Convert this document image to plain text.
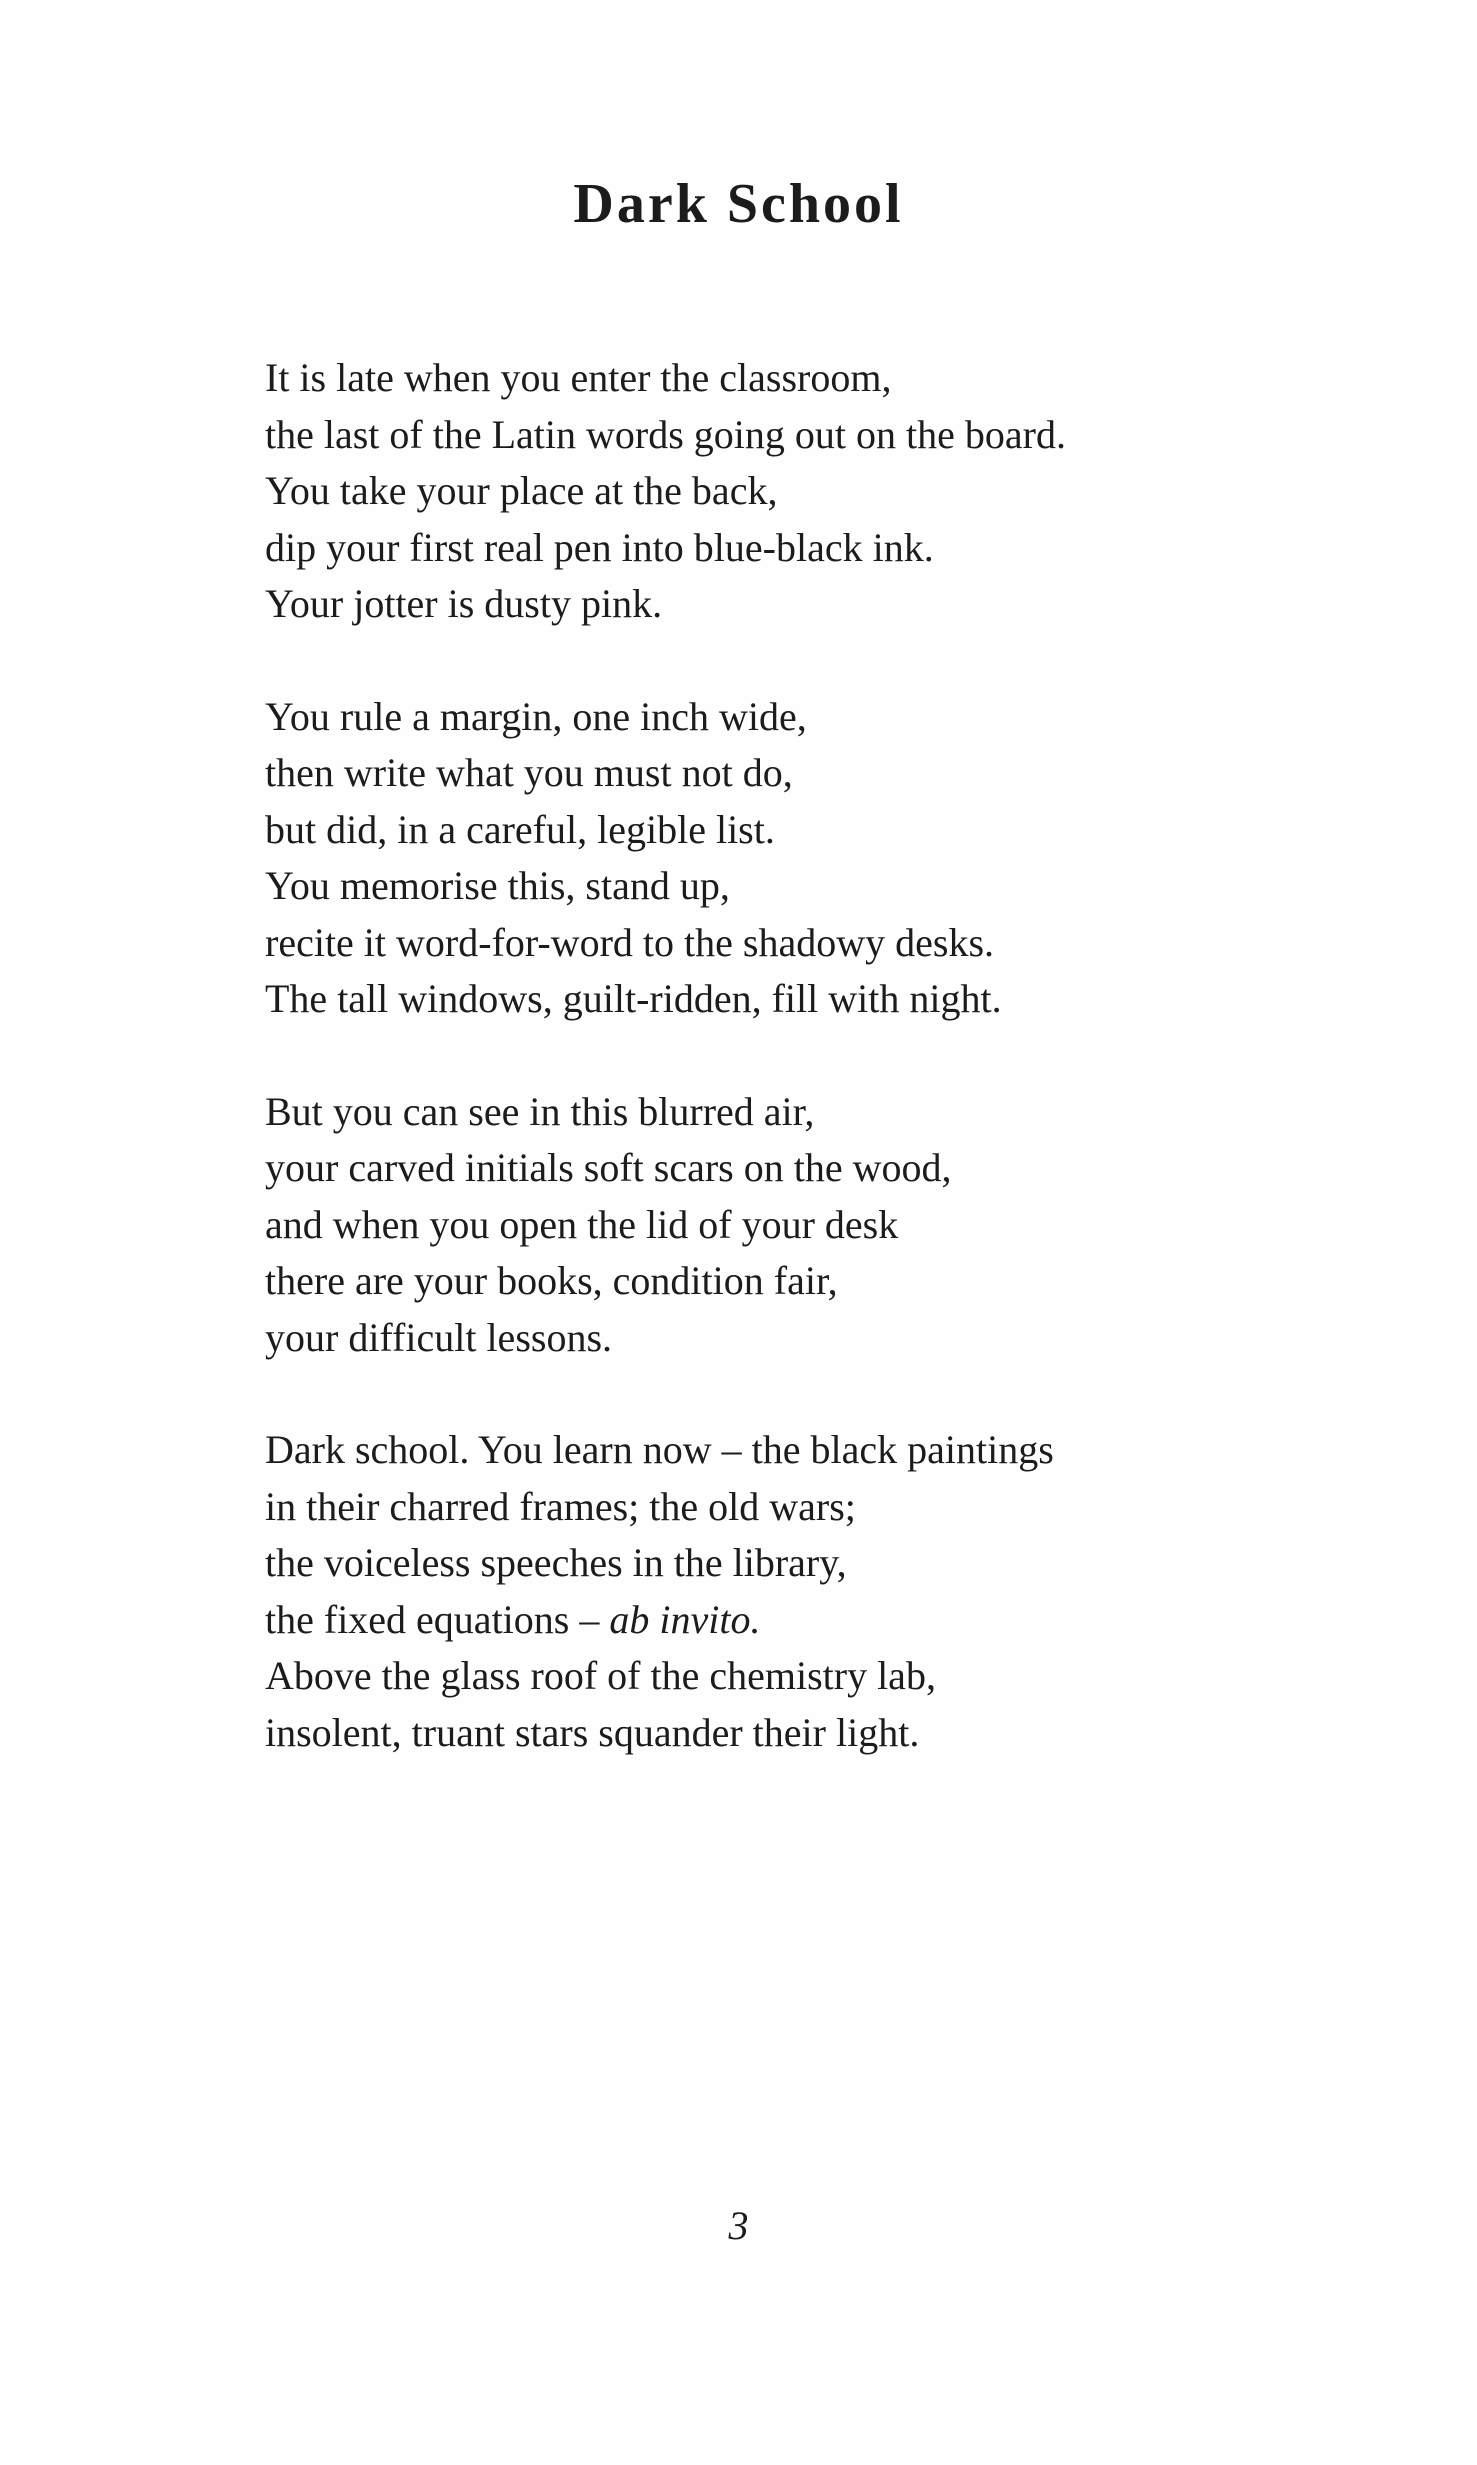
Dark School
It is late when you enter the classroom,
the last of the Latin words going out on the board.
You take your place at the back,
dip your first real pen into blue-black ink.
Your jotter is dusty pink.
You rule a margin, one inch wide,
then write what you must not do,
but did, in a careful, legible list.
You memorise this, stand up,
recite it word-for-word to the shadowy desks.
The tall windows, guilt-ridden, fill with night.
But you can see in this blurred air,
your carved initials soft scars on the wood,
and when you open the lid of your desk
there are your books, condition fair,
your difficult lessons.
Dark school. You learn now – the black paintings
in their charred frames; the old wars;
the voiceless speeches in the library,
the fixed equations – ab invito.
Above the glass roof of the chemistry lab,
insolent, truant stars squander their light.
3
